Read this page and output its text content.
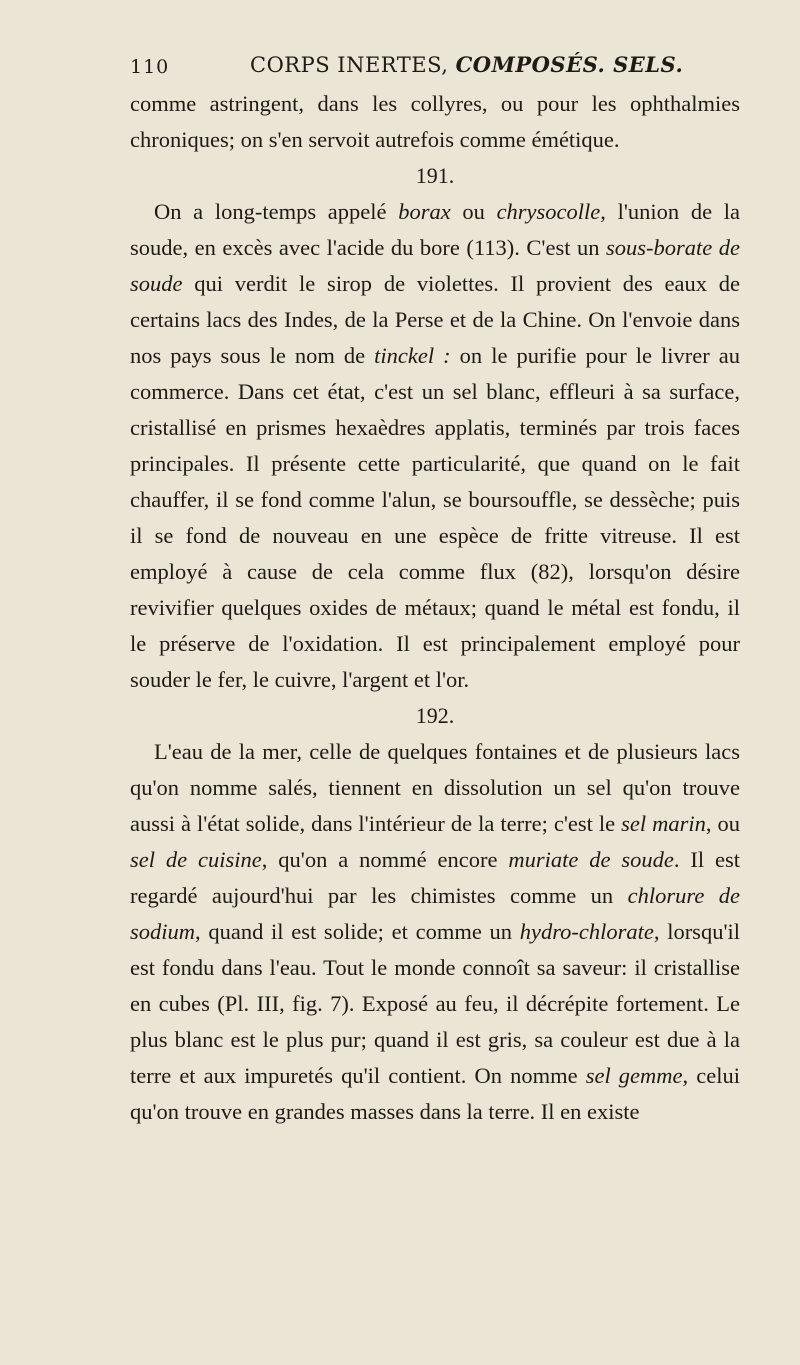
110	CORPS INERTES, COMPOSÉS. SELS.

comme astringent, dans les collyres, ou pour les ophthalmies chroniques; on s'en servoit autrefois comme émétique.

191.

On a long-temps appelé borax ou chrysocolle, l'union de la soude, en excès avec l'acide du bore (113). C'est un sous-borate de soude qui verdit le sirop de violettes. Il provient des eaux de certains lacs des Indes, de la Perse et de la Chine. On l'envoie dans nos pays sous le nom de tinckel : on le purifie pour le livrer au commerce. Dans cet état, c'est un sel blanc, effleuri à sa surface, cristallisé en prismes hexaèdres applatis, terminés par trois faces principales. Il présente cette particularité, que quand on le fait chauffer, il se fond comme l'alun, se boursouffle, se dessèche; puis il se fond de nouveau en une espèce de fritte vitreuse. Il est employé à cause de cela comme flux (82), lorsqu'on désire revivifier quelques oxides de métaux; quand le métal est fondu, il le préserve de l'oxidation. Il est principalement employé pour souder le fer, le cuivre, l'argent et l'or.

192.

L'eau de la mer, celle de quelques fontaines et de plusieurs lacs qu'on nomme salés, tiennent en dissolution un sel qu'on trouve aussi à l'état solide, dans l'intérieur de la terre; c'est le sel marin, ou sel de cuisine, qu'on a nommé encore muriate de soude. Il est regardé aujourd'hui par les chimistes comme un chlorure de sodium, quand il est solide; et comme un hydro-chlorate, lorsqu'il est fondu dans l'eau. Tout le monde connoît sa saveur: il cristallise en cubes (Pl. III, fig. 7). Exposé au feu, il décrépite fortement. Le plus blanc est le plus pur; quand il est gris, sa couleur est due à la terre et aux impuretés qu'il contient. On nomme sel gemme, celui qu'on trouve en grandes masses dans la terre. Il en existe
